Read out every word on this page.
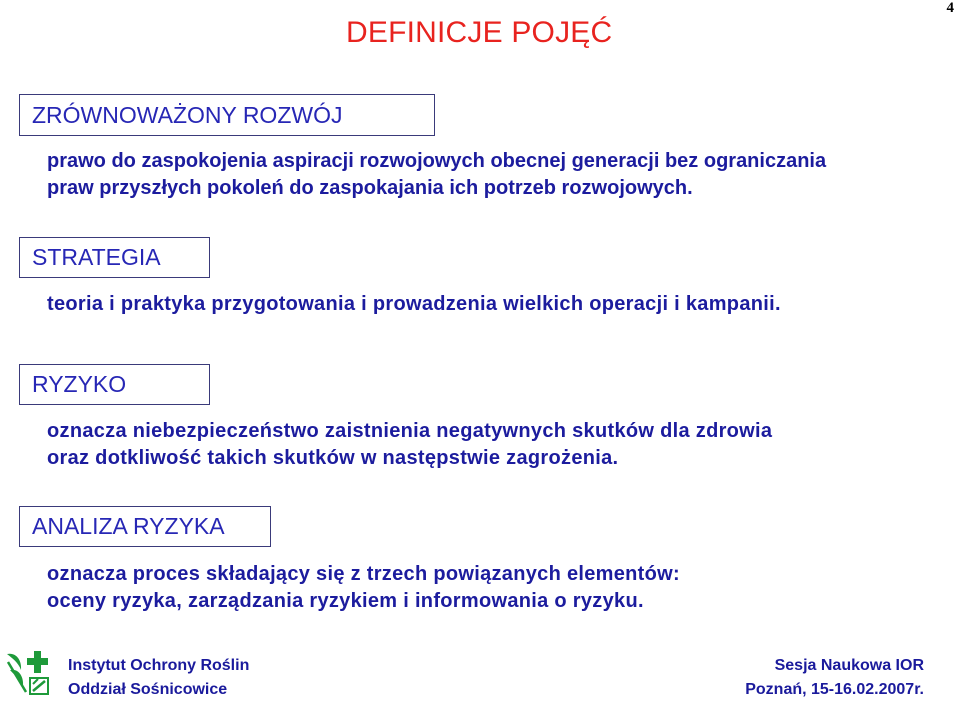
4
DEFINICJE POJĘĆ
ZRÓWNOWAŻONY ROZWÓJ

prawo do zaspokojenia aspiracji rozwojowych obecnej generacji bez ograniczania

praw przyszłych pokoleń do zaspokajania ich potrzeb rozwojowych.

STRATEGIA

teoria i praktyka przygotowania i prowadzenia wielkich operacji i kampanii.

RYZYKO

oznacza niebezpieczeństwo zaistnienia negatywnych skutków dla zdrowia

oraz dotkliwość takich skutków w następstwie zagrożenia.

ANALIZA RYZYKA

oznacza proces składający się z trzech powiązanych elementów:

oceny ryzyka, zarządzania ryzykiem i informowania o ryzyku.

Instytut Ochrony Roślin
Oddział Sośnicowice
Sesja Naukowa IOR
Poznań, 15-16.02.2007r.
